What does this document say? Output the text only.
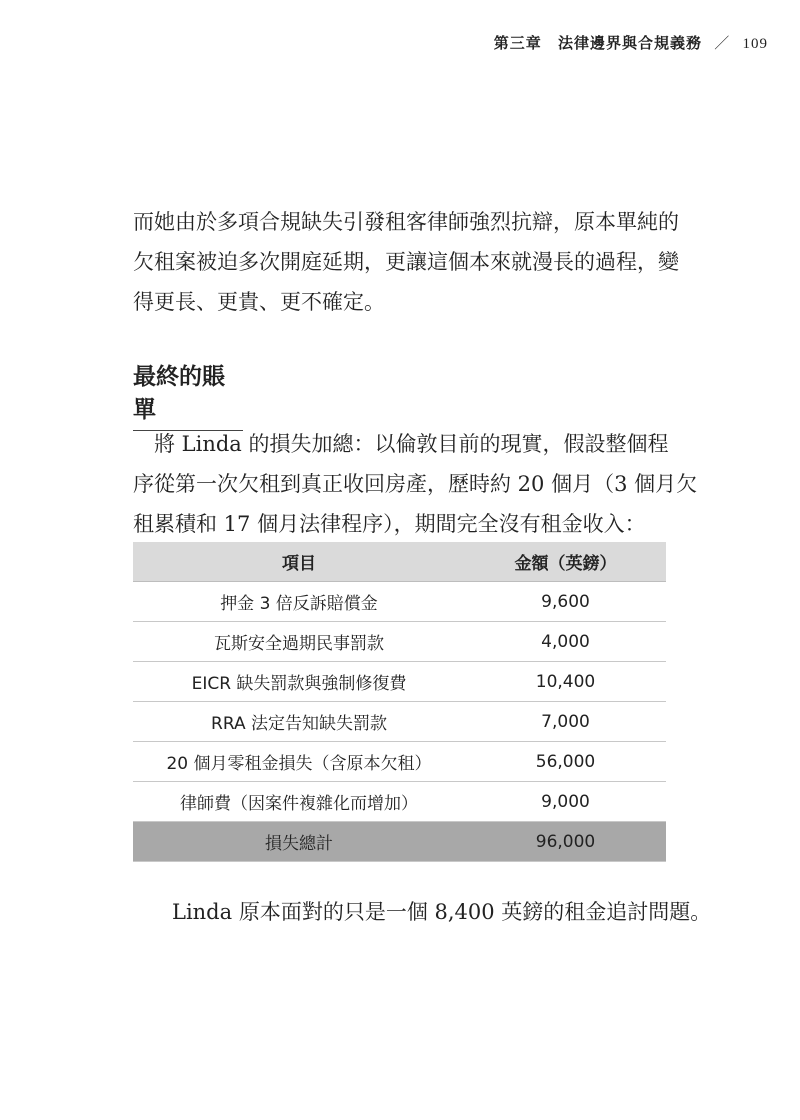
第三章 法律邊界與合規義務 ／ 109

而她由於多項合規缺失引發租客律師強烈抗辯，原本單純的

欠租案被迫多次開庭延期，更讓這個本來就漫長的過程，變

得更長、更貴、更不確定。

最終的賬單

　將 Linda 的損失加總：以倫敦目前的現實，假設整個程

序從第一次欠租到真正收回房產，歷時約 20 個月（3 個月欠

租累積和 17 個月法律程序），期間完全沒有租金收入：

項目	金額（英鎊）
押金 3 倍反訴賠償金	9,600
瓦斯安全過期民事罰款	4,000
EICR 缺失罰款與強制修復費	10,400
RRA 法定告知缺失罰款	7,000
20 個月零租金損失（含原本欠租）	56,000
律師費（因案件複雜化而增加）	9,000
損失總計	96,000

Linda 原本面對的只是一個 8,400 英鎊的租金追討問題。
